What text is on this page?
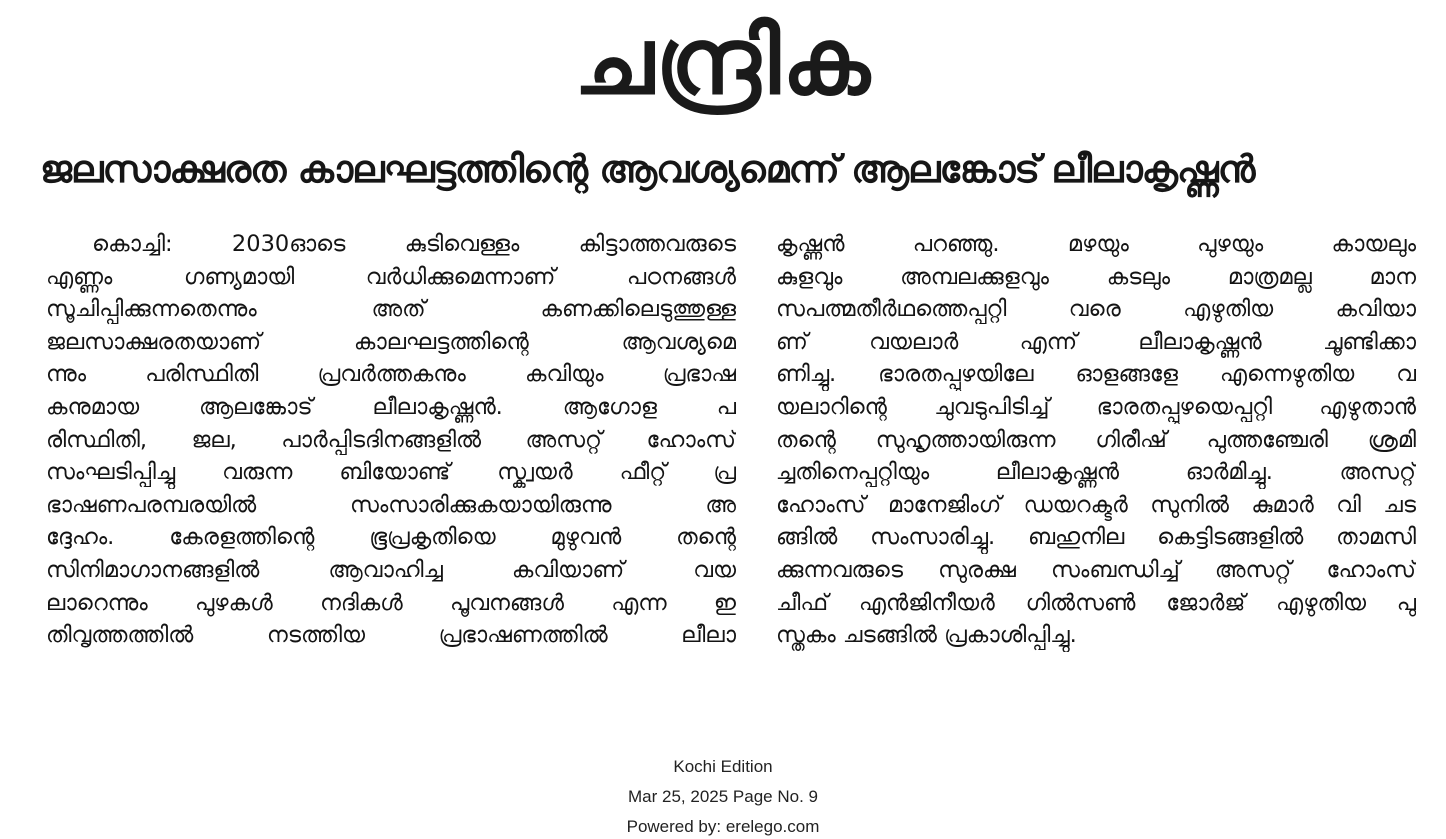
ചന്ദ്രിക
ജലസാക്ഷരത കാലഘട്ടത്തിന്റെ ആവശ്യമെന്ന് ആലങ്കോട് ലീലാകൃഷ്ണൻ
കൊച്ചി: 2030ഓടെ കുടിവെള്ളം കിട്ടാത്തവരുടെ
എണ്ണം ഗണ്യമായി വർധിക്കുമെന്നാണ് പഠനങ്ങൾ
സൂചിപ്പിക്കുന്നതെന്നും അത് കണക്കിലെടുത്തുള്ള
ജലസാക്ഷരതയാണ് കാലഘട്ടത്തിന്റെ ആവശ്യമെ
ന്നും പരിസ്ഥിതി പ്രവർത്തകനും കവിയും പ്രഭാഷ
കനുമായ ആലങ്കോട് ലീലാകൃഷ്ണൻ. ആഗോള പ
രിസ്ഥിതി, ജല, പാർപ്പിടദിനങ്ങളിൽ അസറ്റ് ഹോംസ്
സംഘടിപ്പിച്ചു വരുന്ന ബിയോണ്ട് സ്ക്വയർ ഫീറ്റ് പ്ര
ഭാഷണപരമ്പരയിൽ സംസാരിക്കുകയായിരുന്നു അ
ദ്ദേഹം. കേരളത്തിന്റെ ഭൂപ്രകൃതിയെ മുഴുവൻ തന്റെ
സിനിമാഗാനങ്ങളിൽ ആവാഹിച്ച കവിയാണ് വയ
ലാറെന്നും പുഴകൾ നദികൾ പൂവനങ്ങൾ എന്ന ഇ
തിവൃത്തത്തിൽ നടത്തിയ പ്രഭാഷണത്തിൽ ലീലാ
കൃഷ്ണൻ പറഞ്ഞു. മഴയും പുഴയും കായലും
കുളവും അമ്പലക്കുളവും കടലും മാത്രമല്ല മാന
സപത്മതീർഥത്തെപ്പറ്റി വരെ എഴുതിയ കവിയാ
ണ് വയലാർ എന്ന് ലീലാകൃഷ്ണൻ ചൂണ്ടിക്കാ
ണിച്ചു. ഭാരതപ്പുഴയിലേ ഓളങ്ങളേ എന്നെഴുതിയ വ
യലാറിന്റെ ചുവടുപിടിച്ച് ഭാരതപ്പുഴയെപ്പറ്റി എഴുതാൻ
തന്റെ സുഹൃത്തായിരുന്ന ഗിരീഷ് പുത്തഞ്ചേരി ശ്രമി
ച്ചതിനെപ്പറ്റിയും ലീലാകൃഷ്ണൻ ഓർമിച്ചു. അസറ്റ്
ഹോംസ് മാനേജിംഗ് ഡയറക്ടർ സുനിൽ കുമാർ വി ചട
ങ്ങിൽ സംസാരിച്ചു. ബഹുനില കെട്ടിടങ്ങളിൽ താമസി
ക്കുന്നവരുടെ സുരക്ഷ സംബന്ധിച്ച് അസറ്റ് ഹോംസ്
ചീഫ് എൻജിനീയർ ഗിൽസൺ ജോർജ് എഴുതിയ പു
സ്തകം ചടങ്ങിൽ പ്രകാശിപ്പിച്ചു.
Kochi Edition
Mar 25, 2025 Page No. 9
Powered by: erelego.com
